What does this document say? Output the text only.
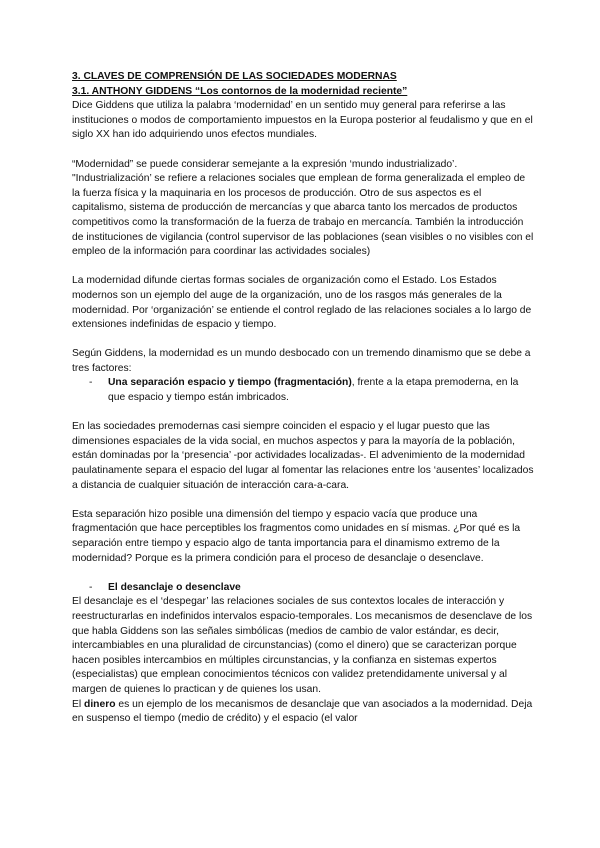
3. CLAVES DE COMPRENSIÓN DE LAS SOCIEDADES MODERNAS

3.1. ANTHONY GIDDENS “Los contornos de la modernidad reciente”

Dice Giddens que utiliza la palabra ‘modernidad’ en un sentido muy general para referirse a las instituciones o modos de comportamiento impuestos en la Europa posterior al feudalismo y que en el siglo XX han ido adquiriendo unos efectos mundiales.

“Modernidad” se puede considerar semejante a la expresión ‘mundo industrializado’. "Industrialización’ se refiere a relaciones sociales que emplean de forma generalizada el empleo de la fuerza física y la maquinaria en los procesos de producción. Otro de sus aspectos es el capitalismo, sistema de producción de mercancías y que abarca tanto los mercados de productos competitivos como la transformación de la fuerza de trabajo en mercancía. También la introducción de instituciones de vigilancia (control supervisor de las poblaciones (sean visibles o no visibles con el empleo de la información para coordinar las actividades sociales)

La modernidad difunde ciertas formas sociales de organización como el Estado. Los Estados modernos son un ejemplo del auge de la organización, uno de los rasgos más generales de la modernidad. Por ‘organización’ se entiende el control reglado de las relaciones sociales a lo largo de extensiones indefinidas de espacio y tiempo.

Según Giddens, la modernidad es un mundo desbocado con un tremendo dinamismo que se debe a tres factores:

- Una separación espacio y tiempo (fragmentación), frente a la etapa premoderna, en la que espacio y tiempo están imbricados.

En las sociedades premodernas casi siempre coinciden el espacio y el lugar puesto que las dimensiones espaciales de la vida social, en muchos aspectos y para la mayoría de la población, están dominadas por la ‘presencia’ -por actividades localizadas-. El advenimiento de la modernidad paulatinamente separa el espacio del lugar al fomentar las relaciones entre los ‘ausentes’ localizados a distancia de cualquier situación de interacción cara-a-cara.

Esta separación hizo posible una dimensión del tiempo y espacio vacía que produce una fragmentación que hace perceptibles los fragmentos como unidades en sí mismas. ¿Por qué es la separación entre tiempo y espacio algo de tanta importancia para el dinamismo extremo de la modernidad? Porque es la primera condición para el proceso de desanclaje o desenclave.

- El desanclaje o desenclave

El desanclaje es el ‘despegar’ las relaciones sociales de sus contextos locales de interacción y reestructurarlas en indefinidos intervalos espacio-temporales. Los mecanismos de desenclave de los que habla Giddens son las señales simbólicas (medios de cambio de valor estándar, es decir, intercambiables en una pluralidad de circunstancias) (como el dinero) que se caracterizan porque hacen posibles intercambios en múltiples circunstancias, y la confianza en sistemas expertos (especialistas) que emplean conocimientos técnicos con validez pretendidamente universal y al margen de quienes lo practican y de quienes los usan.

El dinero es un ejemplo de los mecanismos de desanclaje que van asociados a la modernidad. Deja en suspenso el tiempo (medio de crédito) y el espacio (el valor
